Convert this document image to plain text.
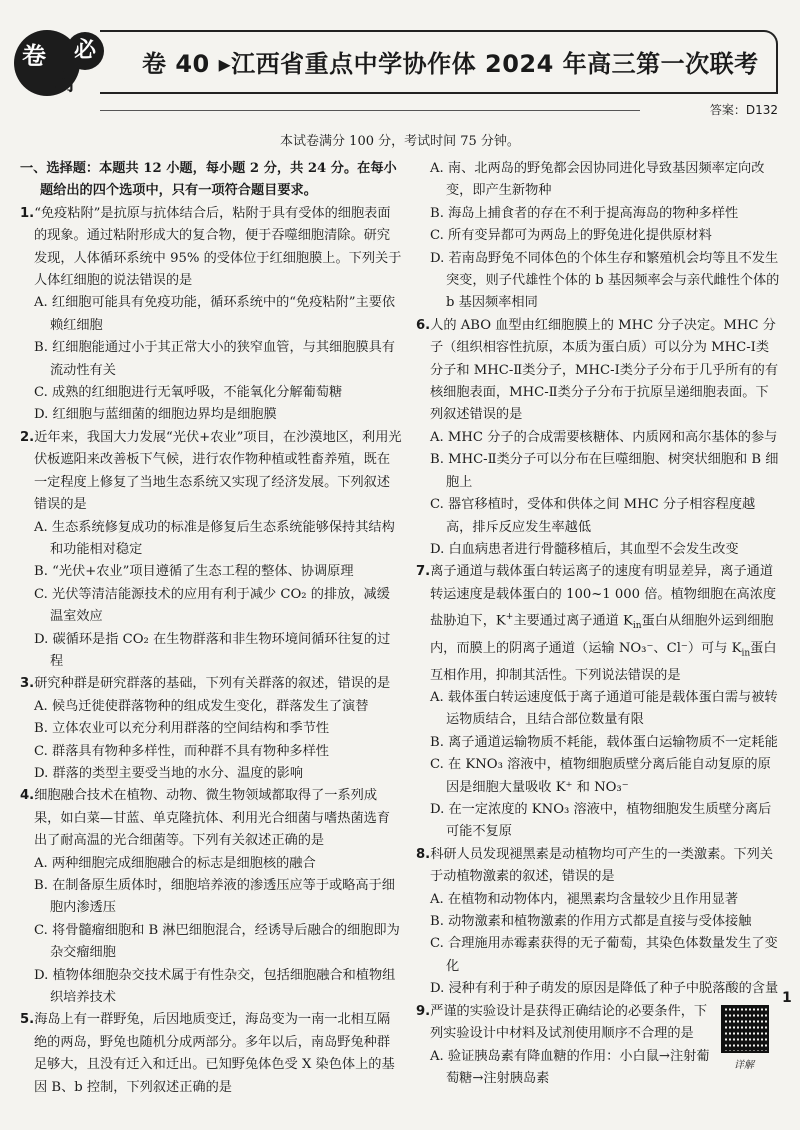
卷	必
刷
卷 40 ▸江西省重点中学协作体 2024 年高三第一次联考
答案：D132
本试卷满分 100 分，考试时间 75 分钟。
一、选择题：本题共 12 小题，每小题 2 分，共 24 分。在每小题给出的四个选项中，只有一项符合题目要求。
1.“免疫粘附”是抗原与抗体结合后，粘附于具有受体的细胞表面的现象。通过粘附形成大的复合物，便于吞噬细胞清除。研究发现，人体循环系统中 95% 的受体位于红细胞膜上。下列关于人体红细胞的说法错误的是
A. 红细胞可能具有免疫功能，循环系统中的“免疫粘附”主要依赖红细胞
B. 红细胞能通过小于其正常大小的狭窄血管，与其细胞膜具有流动性有关
C. 成熟的红细胞进行无氧呼吸，不能氧化分解葡萄糖
D. 红细胞与蓝细菌的细胞边界均是细胞膜
2.近年来，我国大力发展“光伏+农业”项目，在沙漠地区，利用光伏板遮阳来改善板下气候，进行农作物种植或牲畜养殖，既在一定程度上修复了当地生态系统又实现了经济发展。下列叙述错误的是
A. 生态系统修复成功的标准是修复后生态系统能够保持其结构和功能相对稳定
B. “光伏+农业”项目遵循了生态工程的整体、协调原理
C. 光伏等清洁能源技术的应用有利于减少 CO₂ 的排放，减缓温室效应
D. 碳循环是指 CO₂ 在生物群落和非生物环境间循环往复的过程
3.研究种群是研究群落的基础，下列有关群落的叙述，错误的是
A. 候鸟迁徙使群落物种的组成发生变化，群落发生了演替
B. 立体农业可以充分利用群落的空间结构和季节性
C. 群落具有物种多样性，而种群不具有物种多样性
D. 群落的类型主要受当地的水分、温度的影响
4.细胞融合技术在植物、动物、微生物领域都取得了一系列成果，如白菜—甘蓝、单克隆抗体、利用光合细菌与嗜热菌选育出了耐高温的光合细菌等。下列有关叙述正确的是
A. 两种细胞完成细胞融合的标志是细胞核的融合
B. 在制备原生质体时，细胞培养液的渗透压应等于或略高于细胞内渗透压
C. 将骨髓瘤细胞和 B 淋巴细胞混合，经诱导后融合的细胞即为杂交瘤细胞
D. 植物体细胞杂交技术属于有性杂交，包括细胞融合和植物组织培养技术
5.海岛上有一群野兔，后因地质变迁，海岛变为一南一北相互隔绝的两岛，野兔也随机分成两部分。多年以后，南岛野兔种群足够大，且没有迁入和迁出。已知野兔体色受 X 染色体上的基因 B、b 控制，下列叙述正确的是
A. 南、北两岛的野兔都会因协同进化导致基因频率定向改变，即产生新物种
B. 海岛上捕食者的存在不利于提高海岛的物种多样性
C. 所有变异都可为两岛上的野兔进化提供原材料
D. 若南岛野兔不同体色的个体生存和繁殖机会均等且不发生突变，则子代雄性个体的 b 基因频率会与亲代雌性个体的 b 基因频率相同
6.人的 ABO 血型由红细胞膜上的 MHC 分子决定。MHC 分子（组织相容性抗原，本质为蛋白质）可以分为 MHC-Ⅰ类分子和 MHC-Ⅱ类分子，MHC-Ⅰ类分子分布于几乎所有的有核细胞表面，MHC-Ⅱ类分子分布于抗原呈递细胞表面。下列叙述错误的是
A. MHC 分子的合成需要核糖体、内质网和高尔基体的参与
B. MHC-Ⅱ类分子可以分布在巨噬细胞、树突状细胞和 B 细胞上
C. 器官移植时，受体和供体之间 MHC 分子相容程度越高，排斥反应发生率越低
D. 白血病患者进行骨髓移植后，其血型不会发生改变
7.离子通道与载体蛋白转运离子的速度有明显差异，离子通道转运速度是载体蛋白的 100~1 000 倍。植物细胞在高浓度盐胁迫下，K+主要通过离子通道 $K_{in}$蛋白从细胞外运到细胞内，而膜上的阴离子通道（运输 NO₃⁻、Cl⁻）可与 $K_{in}$蛋白互相作用，抑制其活性。下列说法错误的是
A. 载体蛋白转运速度低于离子通道可能是载体蛋白需与被转运物质结合，且结合部位数量有限
B. 离子通道运输物质不耗能，载体蛋白运输物质不一定耗能
C. 在 KNO₃ 溶液中，植物细胞质壁分离后能自动复原的原因是细胞大量吸收 K⁺ 和 NO₃⁻
D. 在一定浓度的 KNO₃ 溶液中，植物细胞发生质壁分离后可能不复原
8.科研人员发现褪黑素是动植物均可产生的一类激素。下列关于动植物激素的叙述，错误的是
A. 在植物和动物体内，褪黑素均含量较少且作用显著
B. 动物激素和植物激素的作用方式都是直接与受体接触
C. 合理施用赤霉素获得的无子葡萄，其染色体数量发生了变化
D. 浸种有利于种子萌发的原因是降低了种子中脱落酸的含量
9.严谨的实验设计是获得正确结论的必要条件，下列实验设计中材料及试剂使用顺序不合理的是
A. 验证胰岛素有降血糖的作用：小白鼠→注射葡萄糖→注射胰岛素
详解
1
